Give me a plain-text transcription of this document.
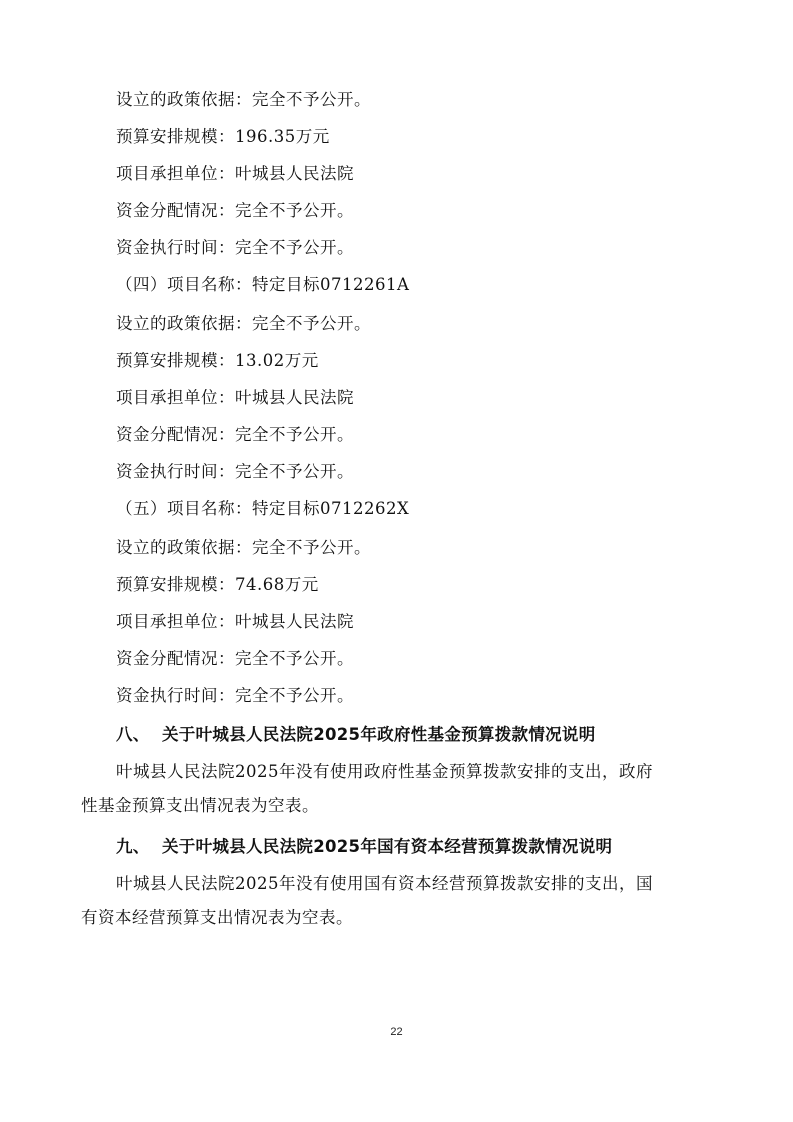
设立的政策依据：完全不予公开。
预算安排规模：196.35万元
项目承担单位：叶城县人民法院
资金分配情况：完全不予公开。
资金执行时间：完全不予公开。
（四）项目名称：特定目标0712261A
设立的政策依据：完全不予公开。
预算安排规模：13.02万元
项目承担单位：叶城县人民法院
资金分配情况：完全不予公开。
资金执行时间：完全不予公开。
（五）项目名称：特定目标0712262X
设立的政策依据：完全不予公开。
预算安排规模：74.68万元
项目承担单位：叶城县人民法院
资金分配情况：完全不予公开。
资金执行时间：完全不予公开。
八、 关于叶城县人民法院2025年政府性基金预算拨款情况说明
叶城县人民法院2025年没有使用政府性基金预算拨款安排的支出，政府
性基金预算支出情况表为空表。
九、 关于叶城县人民法院2025年国有资本经营预算拨款情况说明
叶城县人民法院2025年没有使用国有资本经营预算拨款安排的支出，国
有资本经营预算支出情况表为空表。
22
